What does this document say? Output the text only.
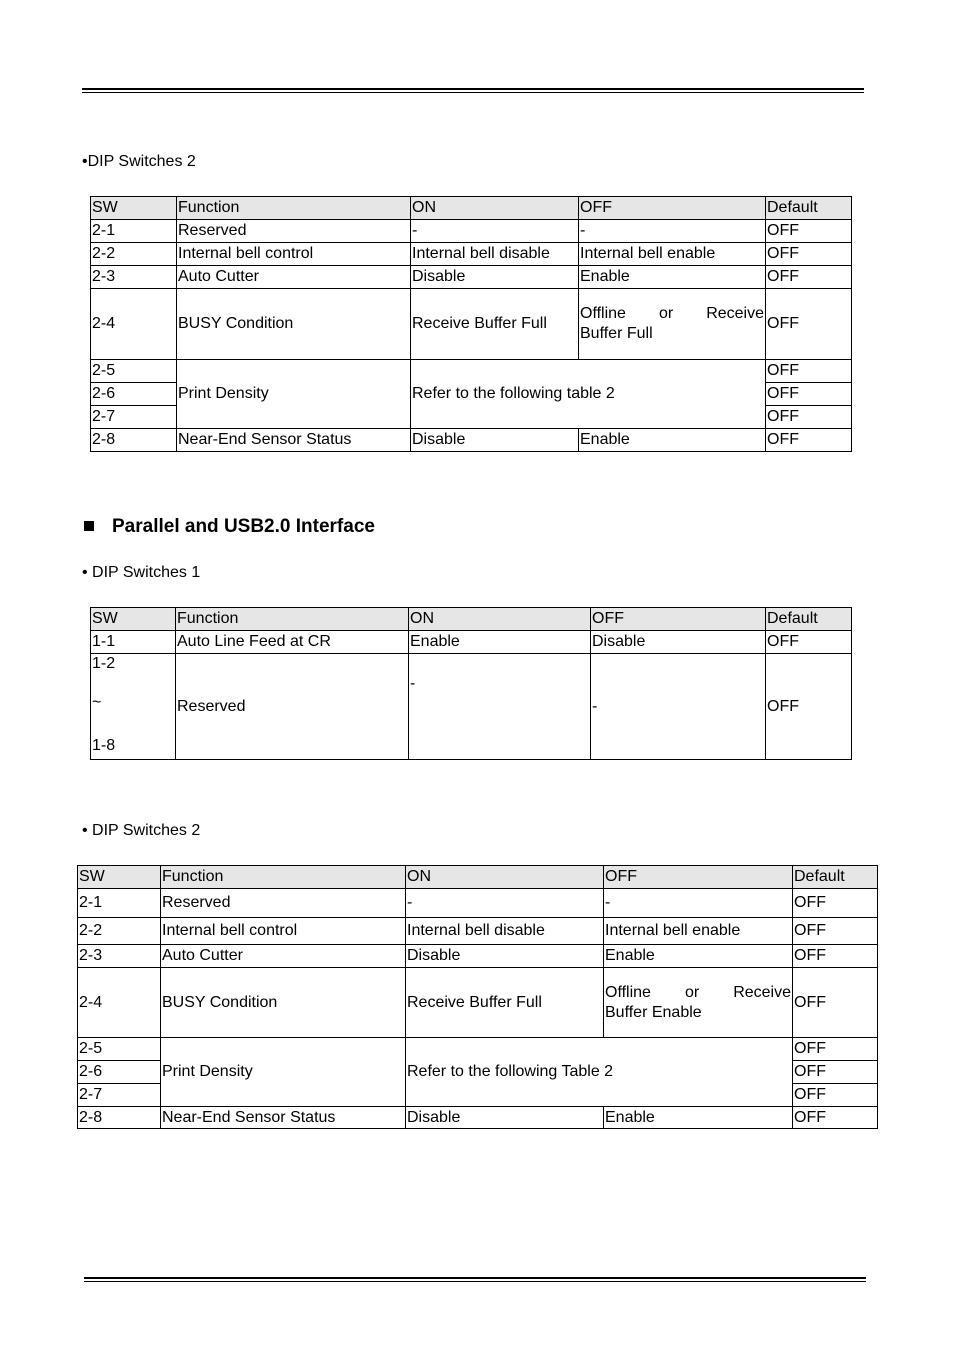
•DIP Switches 2
SW	Function	ON	OFF	Default
2-1	Reserved	-	-	OFF
2-2	Internal bell control	Internal bell disable	Internal bell enable	OFF
2-3	Auto Cutter	Disable	Enable	OFF
2-4	BUSY Condition	Receive Buffer Full	Offline or Receive
Buffer Full	OFF
2-5	Print Density	Refer to the following table 2		OFF
2-6				OFF
2-7				OFF
2-8	Near-End Sensor Status	Disable	Enable	OFF
Parallel and USB2.0 Interface
• DIP Switches 1
SW	Function	ON	OFF	Default
1-1	Auto Line Feed at CR	Enable	Disable	OFF

1-2
~
1-8	Reserved	-	-	OFF
• DIP Switches 2
SW	Function	ON	OFF	Default
2-1	Reserved	-	-	OFF
2-2	Internal bell control	Internal bell disable	Internal bell enable	OFF
2-3	Auto Cutter	Disable	Enable	OFF
2-4	BUSY Condition	Receive Buffer Full	Offline or Receive
Buffer Enable	OFF
2-5	Print Density	Refer to the following Table 2		OFF
2-6				OFF
2-7				OFF
2-8	Near-End Sensor Status	Disable	Enable	OFF
